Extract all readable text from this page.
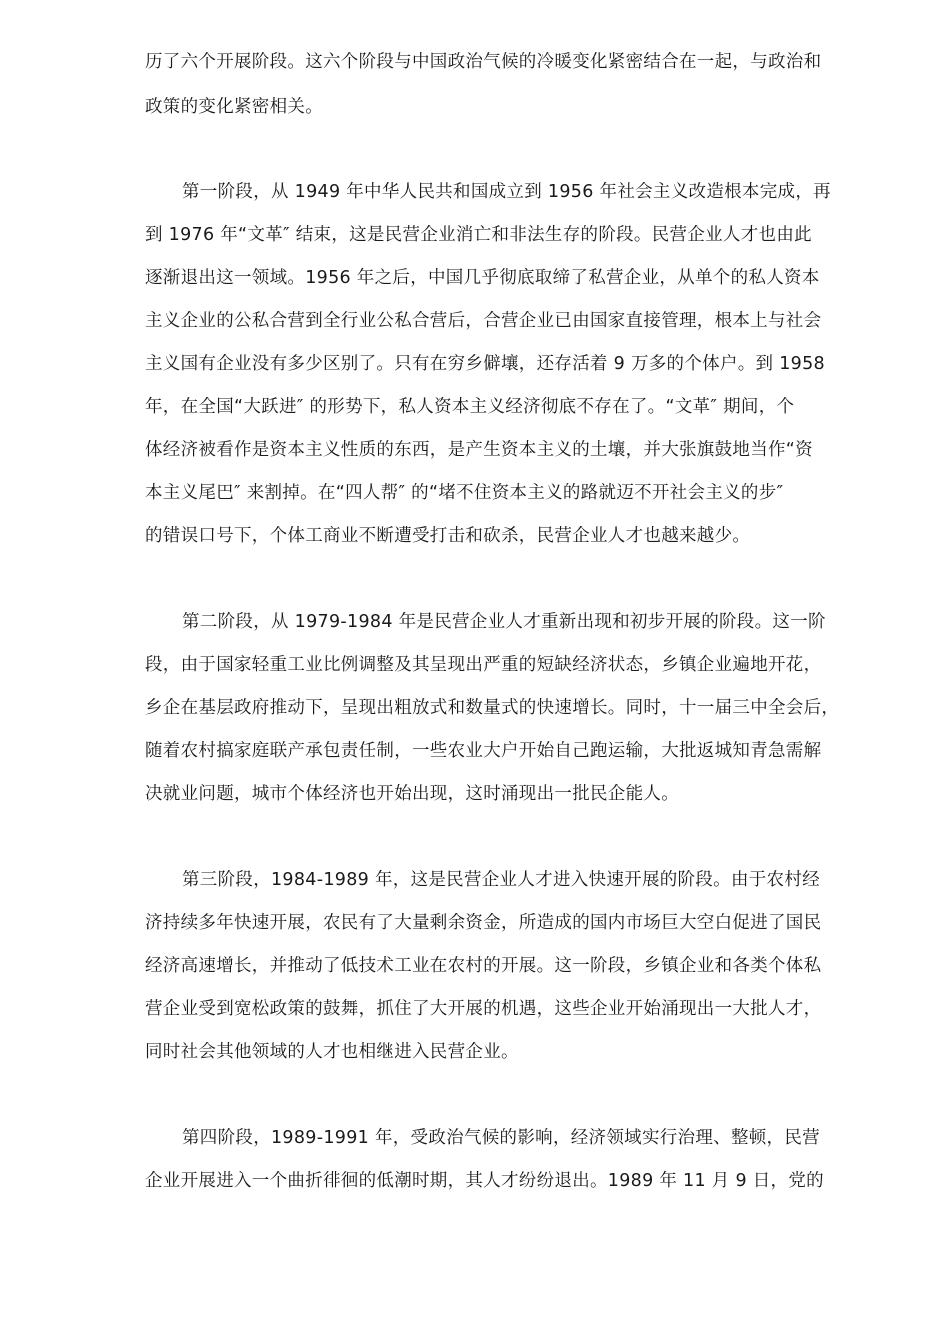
历了六个开展阶段。这六个阶段与中国政治气候的冷暖变化紧密结合在一起，与政治和
政策的变化紧密相关。
第一阶段，从 1949 年中华人民共和国成立到 1956 年社会主义改造根本完成，再
到 1976 年“文革″ 结束，这是民营企业消亡和非法生存的阶段。民营企业人才也由此
逐渐退出这一领域。1956 年之后，中国几乎彻底取缔了私营企业，从单个的私人资本
主义企业的公私合营到全行业公私合营后，合营企业已由国家直接管理，根本上与社会
主义国有企业没有多少区别了。只有在穷乡僻壤，还存活着 9 万多的个体户。到 1958
年，在全国“大跃进″ 的形势下，私人资本主义经济彻底不存在了。“文革″ 期间，个
体经济被看作是资本主义性质的东西，是产生资本主义的土壤，并大张旗鼓地当作“资
本主义尾巴″ 来割掉。在“四人帮″ 的“堵不住资本主义的路就迈不开社会主义的步″
的错误口号下，个体工商业不断遭受打击和砍杀，民营企业人才也越来越少。
第二阶段，从 1979-1984 年是民营企业人才重新出现和初步开展的阶段。这一阶
段，由于国家轻重工业比例调整及其呈现出严重的短缺经济状态，乡镇企业遍地开花，
乡企在基层政府推动下，呈现出粗放式和数量式的快速增长。同时，十一届三中全会后，
随着农村搞家庭联产承包责任制，一些农业大户开始自己跑运输，大批返城知青急需解
决就业问题，城市个体经济也开始出现，这时涌现出一批民企能人。
第三阶段，1984-1989 年，这是民营企业人才进入快速开展的阶段。由于农村经
济持续多年快速开展，农民有了大量剩余资金，所造成的国内市场巨大空白促进了国民
经济高速增长，并推动了低技术工业在农村的开展。这一阶段，乡镇企业和各类个体私
营企业受到宽松政策的鼓舞，抓住了大开展的机遇，这些企业开始涌现出一大批人才，
同时社会其他领域的人才也相继进入民营企业。
第四阶段，1989-1991 年，受政治气候的影响，经济领域实行治理、整顿，民营
企业开展进入一个曲折徘徊的低潮时期，其人才纷纷退出。1989 年 11 月 9 日，党的
